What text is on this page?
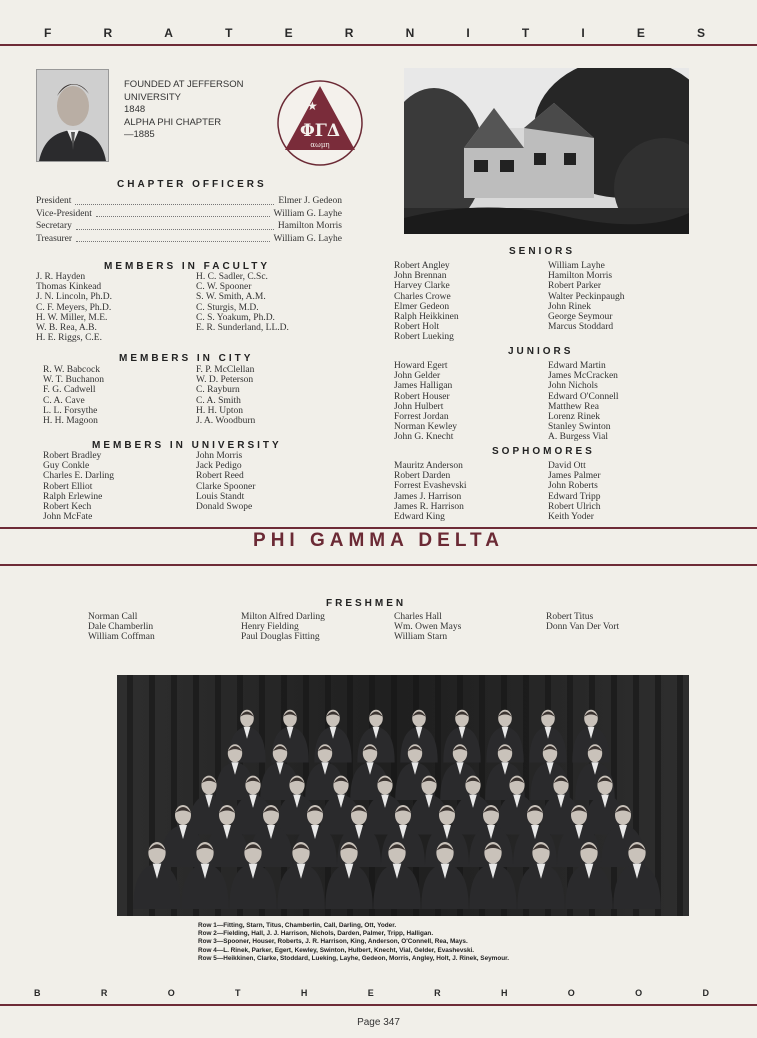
F	R	A	T	E	R	N	I	T	I	E	S
FOUNDED AT JEFFERSON
UNIVERSITY
1848
ALPHA PHI CHAPTER
—1885
★
ΦΓΔ
αωμη
CHAPTER OFFICERS
President	Elmer J. Gedeon
Vice-President	William G. Layhe
Secretary	Hamilton Morris
Treasurer	William G. Layhe
MEMBERS IN FACULTY
J. R. Hayden
Thomas Kinkead
J. N. Lincoln, Ph.D.
C. F. Meyers, Ph.D.
H. W. Miller, M.E.
W. B. Rea, A.B.
H. E. Riggs, C.E.
H. C. Sadler, C.Sc.
C. W. Spooner
S. W. Smith, A.M.
C. Sturgis, M.D.
C. S. Yoakum, Ph.D.
E. R. Sunderland, LL.D.
MEMBERS IN CITY
R. W. Babcock
W. T. Buchanon
F. G. Cadwell
C. A. Cave
L. L. Forsythe
H. H. Magoon
F. P. McClellan
W. D. Peterson
C. Rayburn
C. A. Smith
H. H. Upton
J. A. Woodburn
MEMBERS IN UNIVERSITY
Robert Bradley
Guy Conkle
Charles E. Darling
Robert Elliot
Ralph Erlewine
Robert Kech
John McFate
John Morris
Jack Pedigo
Robert Reed
Clarke Spooner
Louis Standt
Donald Swope
SENIORS
Robert Angley
John Brennan
Harvey Clarke
Charles Crowe
Elmer Gedeon
Ralph Heikkinen
Robert Holt
Robert Lueking
William Layhe
Hamilton Morris
Robert Parker
Walter Peckinpaugh
John Rinek
George Seymour
Marcus Stoddard
JUNIORS
Howard Egert
John Gelder
James Halligan
Robert Houser
John Hulbert
Forrest Jordan
Norman Kewley
John G. Knecht
Edward Martin
James McCracken
John Nichols
Edward O'Connell
Matthew Rea
Lorenz Rinek
Stanley Swinton
A. Burgess Vial
SOPHOMORES
Mauritz Anderson
Robert Darden
Forrest Evashevski
James J. Harrison
James R. Harrison
Edward King
David Ott
James Palmer
John Roberts
Edward Tripp
Robert Ulrich
Keith Yoder
PHI GAMMA DELTA
FRESHMEN
Norman Call
Dale Chamberlin
William Coffman
Milton Alfred Darling
Henry Fielding
Paul Douglas Fitting
Charles Hall
Wm. Owen Mays
William Starn
Robert Titus
Donn Van Der Vort
Row 1—Fitting, Starn, Titus, Chamberlin, Call, Darling, Ott, Yoder.
Row 2—Fielding, Hall, J. J. Harrison, Nichols, Darden, Palmer, Tripp, Halligan.
Row 3—Spooner, Houser, Roberts, J. R. Harrison, King, Anderson, O'Connell, Rea, Mays.
Row 4—L. Rinek, Parker, Egert, Kewley, Swinton, Hulbert, Knecht, Vial, Gelder, Evashevski.
Row 5—Heikkinen, Clarke, Stoddard, Lueking, Layhe, Gedeon, Morris, Angley, Holt, J. Rinek, Seymour.
B	R	O	T	H	E	R	H	O	O	D
Page 347
